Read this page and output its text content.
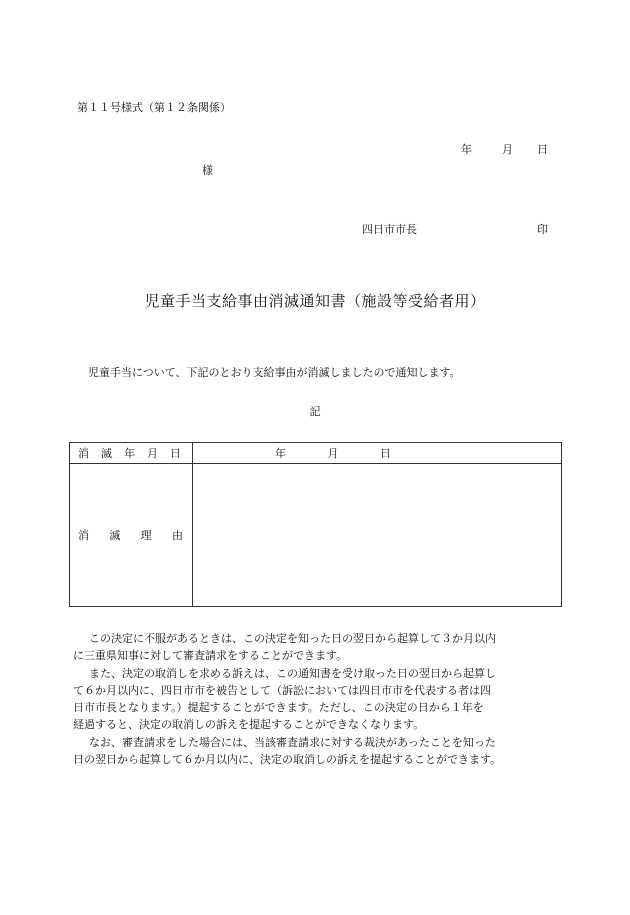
第１１号様式（第１２条関係）
年	月 日
様
四日市市長	印
児童手当支給事由消滅通知書（施設等受給者用）
児童手当について、下記のとおり支給事由が消滅しましたので通知します。
記
消 滅 年 月 日	年 月 日

消 滅 理 由	

この決定に不服があるときは、この決定を知った日の翌日から起算して３か月以内

に三重県知事に対して審査請求をすることができます。

また、決定の取消しを求める訴えは、この通知書を受け取った日の翌日から起算し

て６か月以内に、四日市市を被告として（訴訟においては四日市市を代表する者は四

日市市長となります。）提起することができます。ただし、この決定の日から１年を

経過すると、決定の取消しの訴えを提起することができなくなります。

なお、審査請求をした場合には、当該審査請求に対する裁決があったことを知った

日の翌日から起算して６か月以内に、決定の取消しの訴えを提起することができます。
